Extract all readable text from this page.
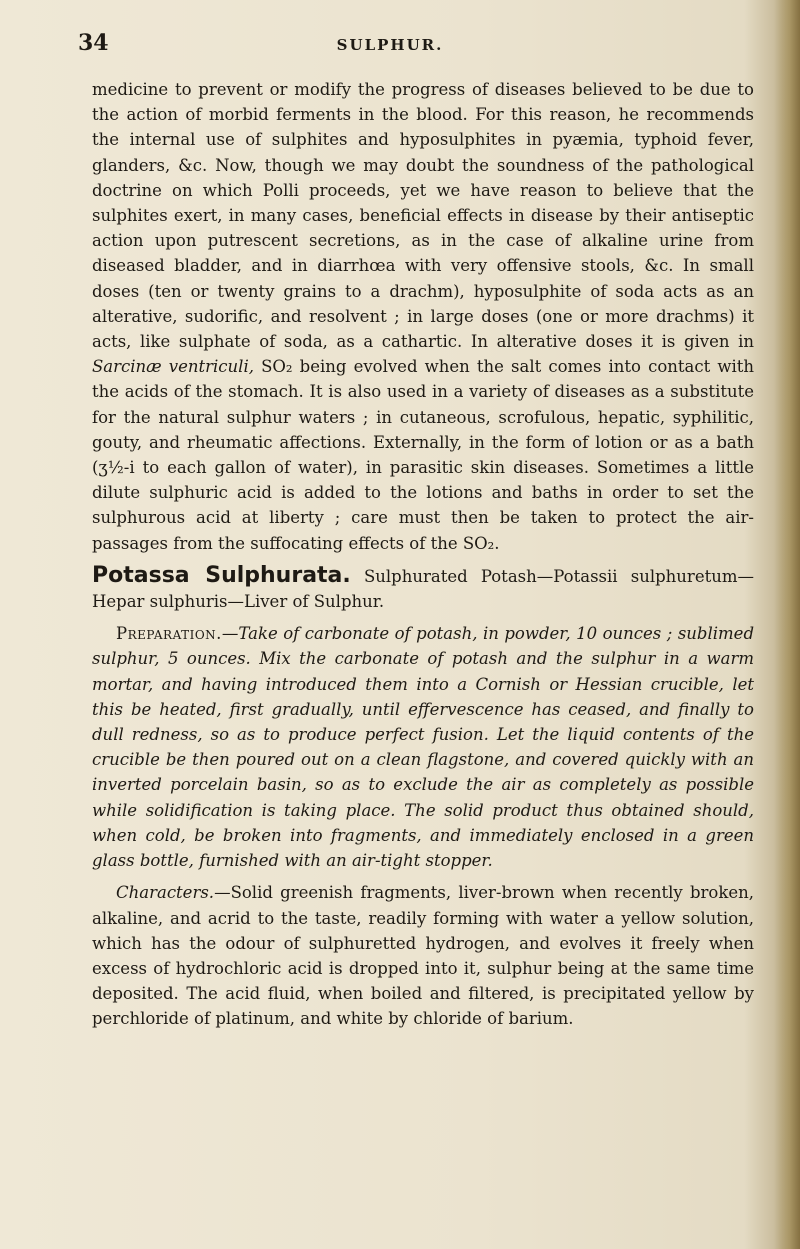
34	SULPHUR.

medicine to prevent or modify the progress of diseases believed to be due to the action of morbid ferments in the blood. For this reason, he recommends the internal use of sulphites and hyposulphites in pyæmia, typhoid fever, glanders, &c. Now, though we may doubt the soundness of the pathological doctrine on which Polli proceeds, yet we have reason to believe that the sulphites exert, in many cases, beneficial effects in disease by their antiseptic action upon putrescent secretions, as in the case of alkaline urine from diseased bladder, and in diarrhœa with very offensive stools, &c. In small doses (ten or twenty grains to a drachm), hyposulphite of soda acts as an alterative, sudorific, and resolvent ; in large doses (one or more drachms) it acts, like sulphate of soda, as a cathartic. In alterative doses it is given in Sarcinæ ventriculi, SO₂ being evolved when the salt comes into contact with the acids of the stomach. It is also used in a variety of diseases as a substitute for the natural sulphur waters ; in cutaneous, scrofulous, hepatic, syphilitic, gouty, and rheumatic affections. Externally, in the form of lotion or as a bath (ʒ½-i to each gallon of water), in parasitic skin diseases. Sometimes a little dilute sulphuric acid is added to the lotions and baths in order to set the sulphurous acid at liberty ; care must then be taken to protect the air-passages from the suffocating effects of the SO₂.

Potassa Sulphurata. Sulphurated Potash—Potassii sulphuretum—Hepar sulphuris—Liver of Sulphur.

Preparation.—Take of carbonate of potash, in powder, 10 ounces ; sublimed sulphur, 5 ounces. Mix the carbonate of potash and the sulphur in a warm mortar, and having introduced them into a Cornish or Hessian crucible, let this be heated, first gradually, until effervescence has ceased, and finally to dull redness, so as to produce perfect fusion. Let the liquid contents of the crucible be then poured out on a clean flagstone, and covered quickly with an inverted porcelain basin, so as to exclude the air as completely as possible while solidification is taking place. The solid product thus obtained should, when cold, be broken into fragments, and immediately enclosed in a green glass bottle, furnished with an air-tight stopper.

Characters.—Solid greenish fragments, liver-brown when recently broken, alkaline, and acrid to the taste, readily forming with water a yellow solution, which has the odour of sulphuretted hydrogen, and evolves it freely when excess of hydrochloric acid is dropped into it, sulphur being at the same time deposited. The acid fluid, when boiled and filtered, is precipitated yellow by perchloride of platinum, and white by chloride of barium.
